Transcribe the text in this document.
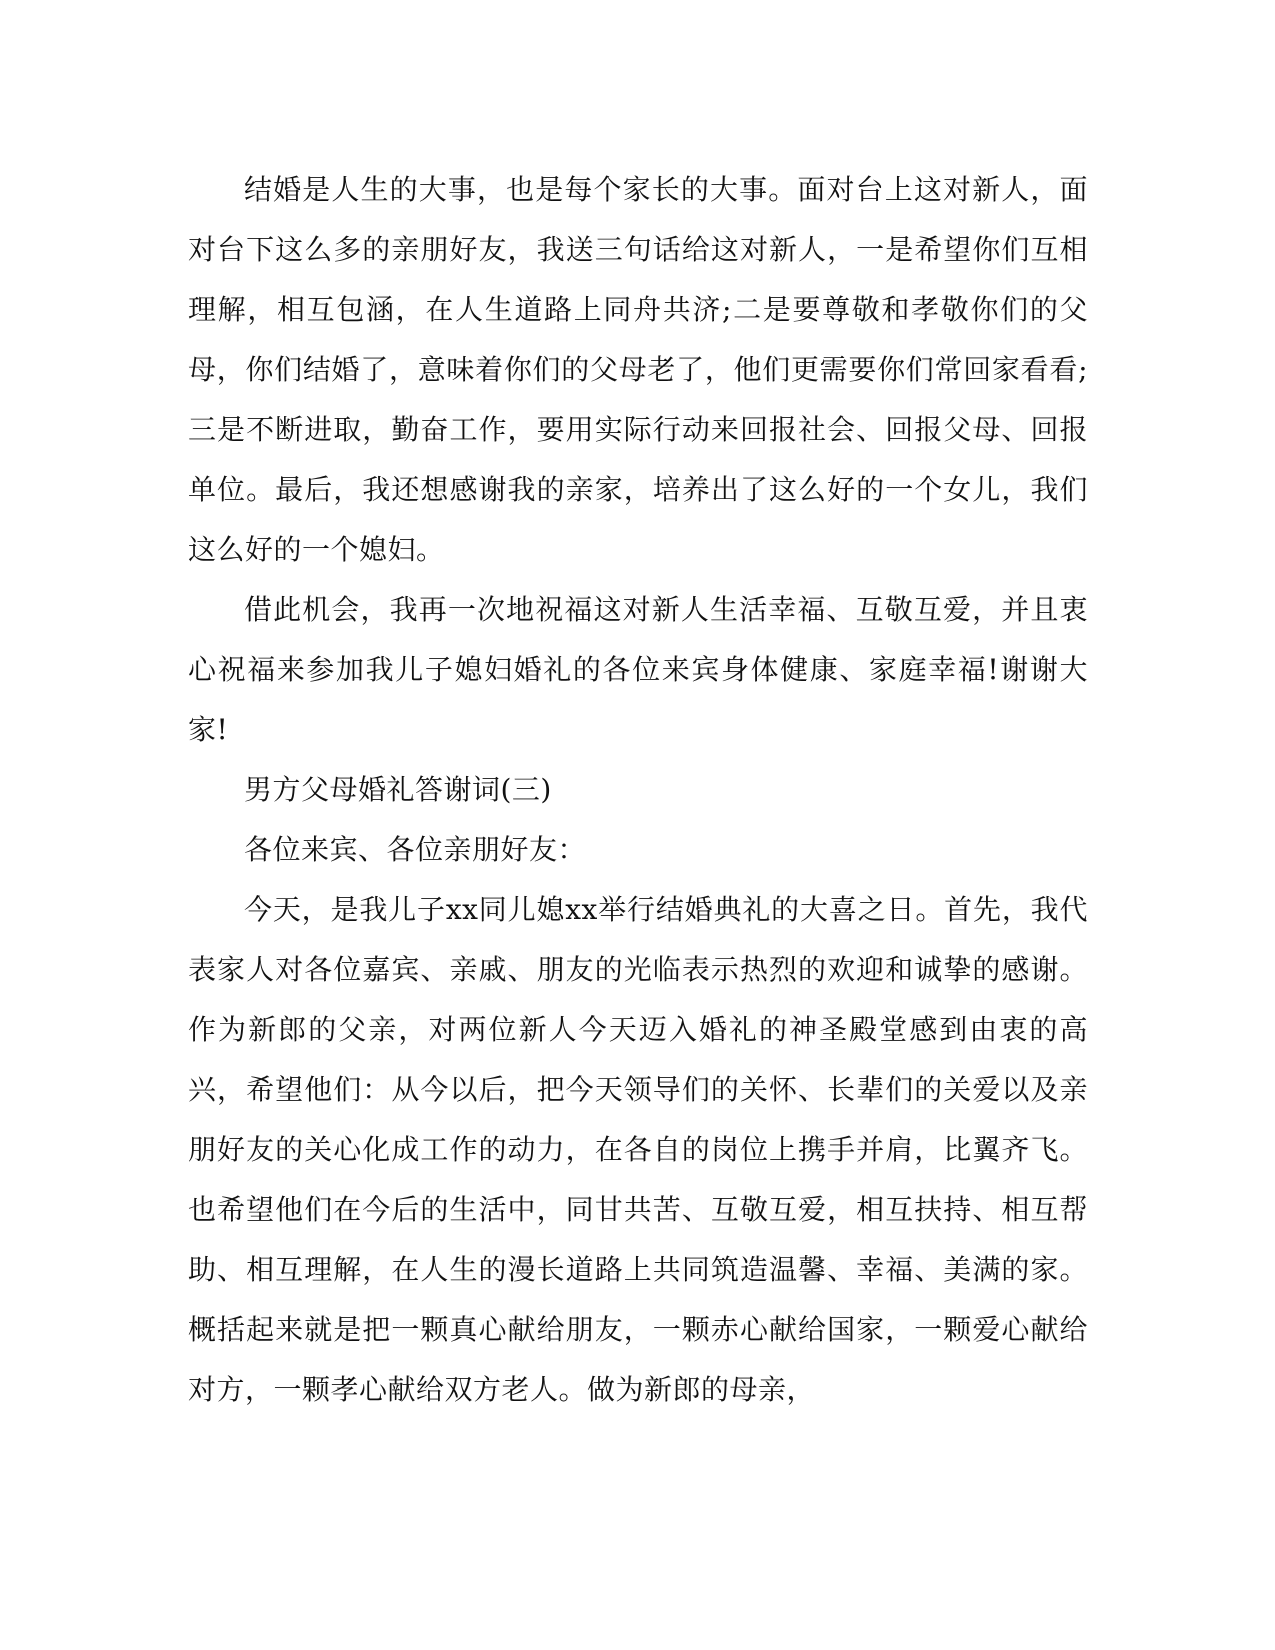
结婚是人生的大事，也是每个家长的大事。面对台上这对新人，面对台下这么多的亲朋好友，我送三句话给这对新人，一是希望你们互相理解，相互包涵，在人生道路上同舟共济;二是要尊敬和孝敬你们的父母，你们结婚了，意味着你们的父母老了，他们更需要你们常回家看看;三是不断进取，勤奋工作，要用实际行动来回报社会、回报父母、回报单位。最后，我还想感谢我的亲家，培养出了这么好的一个女儿，我们这么好的一个媳妇。

借此机会，我再一次地祝福这对新人生活幸福、互敬互爱，并且衷心祝福来参加我儿子媳妇婚礼的各位来宾身体健康、家庭幸福!谢谢大家!

男方父母婚礼答谢词(三)

各位来宾、各位亲朋好友：

今天，是我儿子xx同儿媳xx举行结婚典礼的大喜之日。首先，我代表家人对各位嘉宾、亲戚、朋友的光临表示热烈的欢迎和诚挚的感谢。作为新郎的父亲，对两位新人今天迈入婚礼的神圣殿堂感到由衷的高兴，希望他们：从今以后，把今天领导们的关怀、长辈们的关爱以及亲朋好友的关心化成工作的动力，在各自的岗位上携手并肩，比翼齐飞。也希望他们在今后的生活中，同甘共苦、互敬互爱，相互扶持、相互帮助、相互理解，在人生的漫长道路上共同筑造温馨、幸福、美满的家。概括起来就是把一颗真心献给朋友，一颗赤心献给国家，一颗爱心献给对方，一颗孝心献给双方老人。做为新郎的母亲，
